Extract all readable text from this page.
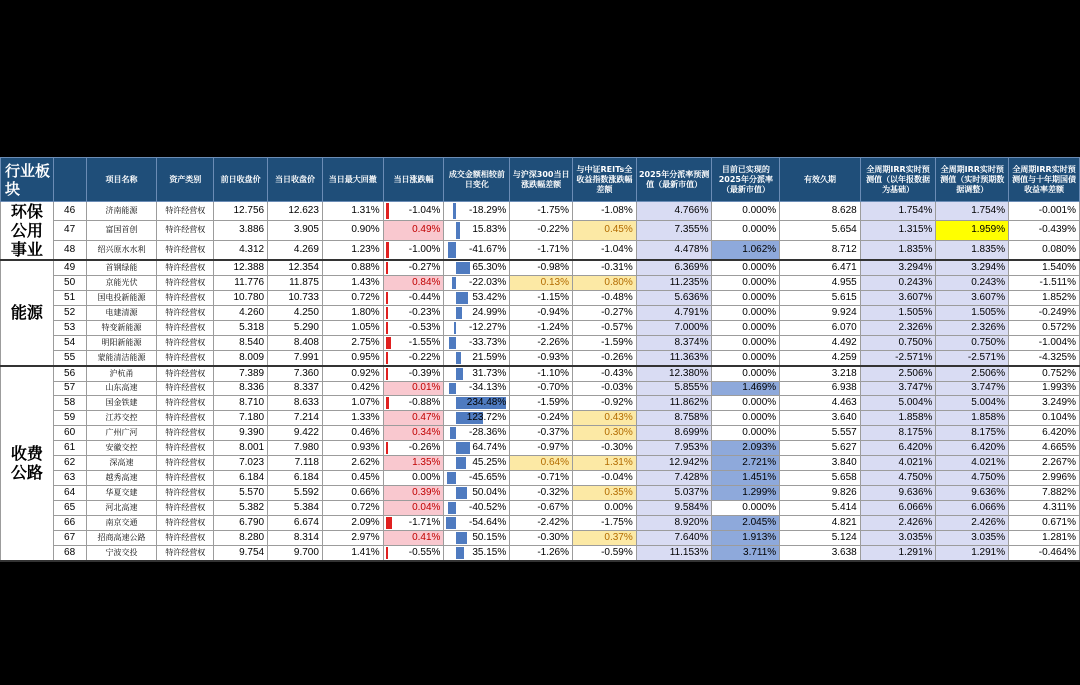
行业板块		项目名称	资产类别	前日收盘价	当日收盘价	当日最大回撤	当日涨跌幅	成交金额相较前日变化	与沪深300当日涨跌幅差额	与中证REITs全收益指数涨跌幅差额	2025年分派率预测值（最新市值）	目前已实现的2025年分派率（最新市值）	有效久期	全周期IRR实时预测值（以年报数据为基础）	全周期IRR实时预测值（实时预期数据调整）	全周期IRR实时预测值与十年期国债收益率差额
环保公用事业	46	济南能源	特许经营权	12.756	12.623	1.31%	-1.04%	-18.29%	-1.75%	-1.08%	4.766%	0.000%	8.628	1.754%	1.754%	-0.001%
	47	富国首创	特许经营权	3.886	3.905	0.90%	0.49%	15.83%	-0.22%	0.45%	7.355%	0.000%	5.654	1.315%	1.959%	-0.439%
	48	绍兴原水水利	特许经营权	4.312	4.269	1.23%	-1.00%	-41.67%	-1.71%	-1.04%	4.478%	1.062%	8.712	1.835%	1.835%	0.080%
能源	49	首钢绿能	特许经营权	12.388	12.354	0.88%	-0.27%	65.30%	-0.98%	-0.31%	6.369%	0.000%	6.471	3.294%	3.294%	1.540%
	50	京能光伏	特许经营权	11.776	11.875	1.43%	0.84%	-22.03%	0.13%	0.80%	11.235%	0.000%	4.955	0.243%	0.243%	-1.511%
	51	国电投新能源	特许经营权	10.780	10.733	0.72%	-0.44%	53.42%	-1.15%	-0.48%	5.636%	0.000%	5.615	3.607%	3.607%	1.852%
	52	电建清源	特许经营权	4.260	4.250	1.80%	-0.23%	24.99%	-0.94%	-0.27%	4.791%	0.000%	9.924	1.505%	1.505%	-0.249%
	53	特变新能源	特许经营权	5.318	5.290	1.05%	-0.53%	-12.27%	-1.24%	-0.57%	7.000%	0.000%	6.070	2.326%	2.326%	0.572%
	54	明阳新能源	特许经营权	8.540	8.408	2.75%	-1.55%	-33.73%	-2.26%	-1.59%	8.374%	0.000%	4.492	0.750%	0.750%	-1.004%
	55	蒙能清洁能源	特许经营权	8.009	7.991	0.95%	-0.22%	21.59%	-0.93%	-0.26%	11.363%	0.000%	4.259	-2.571%	-2.571%	-4.325%
收费公路	56	沪杭甬	特许经营权	7.389	7.360	0.92%	-0.39%	31.73%	-1.10%	-0.43%	12.380%	0.000%	3.218	2.506%	2.506%	0.752%
	57	山东高速	特许经营权	8.336	8.337	0.42%	0.01%	-34.13%	-0.70%	-0.03%	5.855%	1.469%	6.938	3.747%	3.747%	1.993%
	58	国金铁建	特许经营权	8.710	8.633	1.07%	-0.88%	234.48%	-1.59%	-0.92%	11.862%	0.000%	4.463	5.004%	5.004%	3.249%
	59	江苏交控	特许经营权	7.180	7.214	1.33%	0.47%	123.72%	-0.24%	0.43%	8.758%	0.000%	3.640	1.858%	1.858%	0.104%
	60	广州广河	特许经营权	9.390	9.422	0.46%	0.34%	-28.36%	-0.37%	0.30%	8.699%	0.000%	5.557	8.175%	8.175%	6.420%
	61	安徽交控	特许经营权	8.001	7.980	0.93%	-0.26%	64.74%	-0.97%	-0.30%	7.953%	2.093%	5.627	6.420%	6.420%	4.665%
	62	深高速	特许经营权	7.023	7.118	2.62%	1.35%	45.25%	0.64%	1.31%	12.942%	2.721%	3.840	4.021%	4.021%	2.267%
	63	越秀高速	特许经营权	6.184	6.184	0.45%	0.00%	-45.65%	-0.71%	-0.04%	7.428%	1.451%	5.658	4.750%	4.750%	2.996%
	64	华夏交建	特许经营权	5.570	5.592	0.66%	0.39%	50.04%	-0.32%	0.35%	5.037%	1.299%	9.826	9.636%	9.636%	7.882%
	65	河北高速	特许经营权	5.382	5.384	0.72%	0.04%	-40.52%	-0.67%	0.00%	9.584%	0.000%	5.414	6.066%	6.066%	4.311%
	66	南京交通	特许经营权	6.790	6.674	2.09%	-1.71%	-54.64%	-2.42%	-1.75%	8.920%	2.045%	4.821	2.426%	2.426%	0.671%
	67	招商高速公路	特许经营权	8.280	8.314	2.97%	0.41%	50.15%	-0.30%	0.37%	7.640%	1.913%	5.124	3.035%	3.035%	1.281%
	68	宁波交投	特许经营权	9.754	9.700	1.41%	-0.55%	35.15%	-1.26%	-0.59%	11.153%	3.711%	3.638	1.291%	1.291%	-0.464%
